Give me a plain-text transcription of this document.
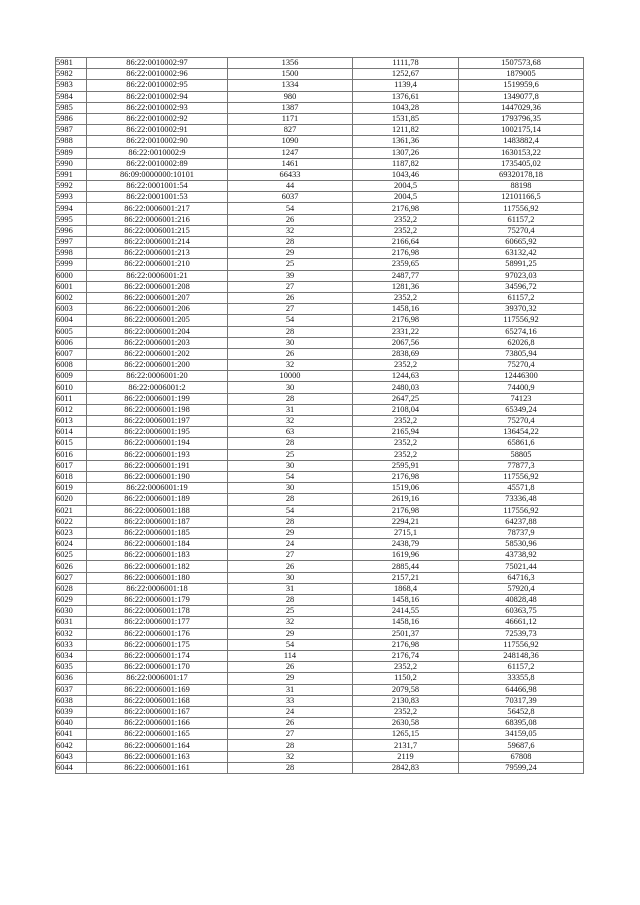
5981	86:22:0010002:97	1356	1111,78	1507573,68
5982	86:22:0010002:96	1500	1252,67	1879005
5983	86:22:0010002:95	1334	1139,4	1519959,6
5984	86:22:0010002:94	980	1376,61	1349077,8
5985	86:22:0010002:93	1387	1043,28	1447029,36
5986	86:22:0010002:92	1171	1531,85	1793796,35
5987	86:22:0010002:91	827	1211,82	1002175,14
5988	86:22:0010002:90	1090	1361,36	1483882,4
5989	86:22:0010002:9	1247	1307,26	1630153,22
5990	86:22:0010002:89	1461	1187,82	1735405,02
5991	86:09:0000000:10101	66433	1043,46	69320178,18
5992	86:22:0001001:54	44	2004,5	88198
5993	86:22:0001001:53	6037	2004,5	12101166,5
5994	86:22:0006001:217	54	2176,98	117556,92
5995	86:22:0006001:216	26	2352,2	61157,2
5996	86:22:0006001:215	32	2352,2	75270,4
5997	86:22:0006001:214	28	2166,64	60665,92
5998	86:22:0006001:213	29	2176,98	63132,42
5999	86:22:0006001:210	25	2359,65	58991,25
6000	86:22:0006001:21	39	2487,77	97023,03
6001	86:22:0006001:208	27	1281,36	34596,72
6002	86:22:0006001:207	26	2352,2	61157,2
6003	86:22:0006001:206	27	1458,16	39370,32
6004	86:22:0006001:205	54	2176,98	117556,92
6005	86:22:0006001:204	28	2331,22	65274,16
6006	86:22:0006001:203	30	2067,56	62026,8
6007	86:22:0006001:202	26	2838,69	73805,94
6008	86:22:0006001:200	32	2352,2	75270,4
6009	86:22:0006001:20	10000	1244,63	12446300
6010	86:22:0006001:2	30	2480,03	74400,9
6011	86:22:0006001:199	28	2647,25	74123
6012	86:22:0006001:198	31	2108,04	65349,24
6013	86:22:0006001:197	32	2352,2	75270,4
6014	86:22:0006001:195	63	2165,94	136454,22
6015	86:22:0006001:194	28	2352,2	65861,6
6016	86:22:0006001:193	25	2352,2	58805
6017	86:22:0006001:191	30	2595,91	77877,3
6018	86:22:0006001:190	54	2176,98	117556,92
6019	86:22:0006001:19	30	1519,06	45571,8
6020	86:22:0006001:189	28	2619,16	73336,48
6021	86:22:0006001:188	54	2176,98	117556,92
6022	86:22:0006001:187	28	2294,21	64237,88
6023	86:22:0006001:185	29	2715,1	78737,9
6024	86:22:0006001:184	24	2438,79	58530,96
6025	86:22:0006001:183	27	1619,96	43738,92
6026	86:22:0006001:182	26	2885,44	75021,44
6027	86:22:0006001:180	30	2157,21	64716,3
6028	86:22:0006001:18	31	1868,4	57920,4
6029	86:22:0006001:179	28	1458,16	40828,48
6030	86:22:0006001:178	25	2414,55	60363,75
6031	86:22:0006001:177	32	1458,16	46661,12
6032	86:22:0006001:176	29	2501,37	72539,73
6033	86:22:0006001:175	54	2176,98	117556,92
6034	86:22:0006001:174	114	2176,74	248148,36
6035	86:22:0006001:170	26	2352,2	61157,2
6036	86:22:0006001:17	29	1150,2	33355,8
6037	86:22:0006001:169	31	2079,58	64466,98
6038	86:22:0006001:168	33	2130,83	70317,39
6039	86:22:0006001:167	24	2352,2	56452,8
6040	86:22:0006001:166	26	2630,58	68395,08
6041	86:22:0006001:165	27	1265,15	34159,05
6042	86:22:0006001:164	28	2131,7	59687,6
6043	86:22:0006001:163	32	2119	67808
6044	86:22:0006001:161	28	2842,83	79599,24
